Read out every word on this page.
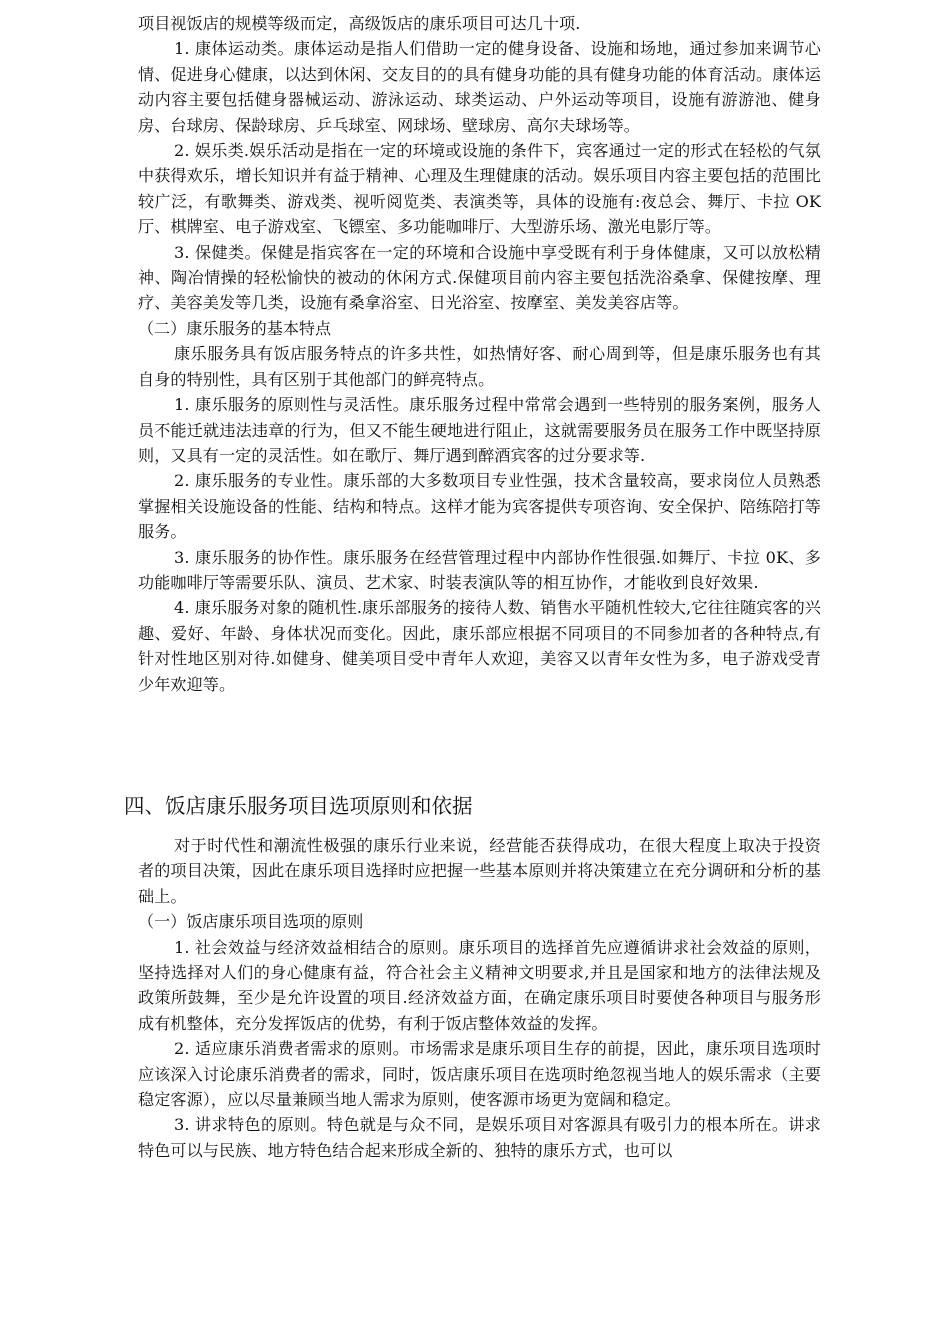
项目视饭店的规模等级而定，高级饭店的康乐项目可达几十项.

1. 康体运动类。康体运动是指人们借助一定的健身设备、设施和场地，通过参加来调节心情、促进身心健康，以达到休闲、交友目的的具有健身功能的具有健身功能的体育活动。康体运动内容主要包括健身器械运动、游泳运动、球类运动、户外运动等项目，设施有游游池、健身房、台球房、保龄球房、乒乓球室、网球场、壁球房、高尔夫球场等。

2. 娱乐类.娱乐活动是指在一定的环境或设施的条件下，宾客通过一定的形式在轻松的气氛中获得欢乐，增长知识并有益于精神、心理及生理健康的活动。娱乐项目内容主要包括的范围比较广泛，有歌舞类、游戏类、视听阅览类、表演类等，具体的设施有:夜总会、舞厅、卡拉 OK 厅、棋牌室、电子游戏室、飞镖室、多功能咖啡厅、大型游乐场、激光电影厅等。

3. 保健类。保健是指宾客在一定的环境和合设施中享受既有利于身体健康，又可以放松精神、陶冶情操的轻松愉快的被动的休闲方式.保健项目前内容主要包括洗浴桑拿、保健按摩、理疗、美容美发等几类，设施有桑拿浴室、日光浴室、按摩室、美发美容店等。

（二）康乐服务的基本特点

康乐服务具有饭店服务特点的许多共性，如热情好客、耐心周到等，但是康乐服务也有其自身的特别性，具有区别于其他部门的鲜亮特点。

1. 康乐服务的原则性与灵活性。康乐服务过程中常常会遇到一些特别的服务案例，服务人员不能迁就违法违章的行为，但又不能生硬地进行阻止，这就需要服务员在服务工作中既坚持原则，又具有一定的灵活性。如在歌厅、舞厅遇到醉酒宾客的过分要求等.

2. 康乐服务的专业性。康乐部的大多数项目专业性强，技术含量较高，要求岗位人员熟悉掌握相关设施设备的性能、结构和特点。这样才能为宾客提供专项咨询、安全保护、陪练陪打等服务。

3. 康乐服务的协作性。康乐服务在经营管理过程中内部协作性很强.如舞厅、卡拉 0K、多功能咖啡厅等需要乐队、演员、艺术家、时装表演队等的相互协作，才能收到良好效果.

4. 康乐服务对象的随机性.康乐部服务的接待人数、销售水平随机性较大,它往往随宾客的兴趣、爱好、年龄、身体状况而变化。因此，康乐部应根据不同项目的不同参加者的各种特点,有针对性地区别对待.如健身、健美项目受中青年人欢迎，美容又以青年女性为多，电子游戏受青少年欢迎等。

四、饭店康乐服务项目选项原则和依据

对于时代性和潮流性极强的康乐行业来说，经营能否获得成功，在很大程度上取决于投资者的项目决策，因此在康乐项目选择时应把握一些基本原则并将决策建立在充分调研和分析的基础上。

（一）饭店康乐项目选项的原则

1. 社会效益与经济效益相结合的原则。康乐项目的选择首先应遵循讲求社会效益的原则，坚持选择对人们的身心健康有益，符合社会主义精神文明要求,并且是国家和地方的法律法规及政策所鼓舞，至少是允许设置的项目.经济效益方面，在确定康乐项目时要使各种项目与服务形成有机整体，充分发挥饭店的优势，有利于饭店整体效益的发挥。

2. 适应康乐消费者需求的原则。市场需求是康乐项目生存的前提，因此，康乐项目选项时应该深入讨论康乐消费者的需求，同时，饭店康乐项目在选项时绝忽视当地人的娱乐需求（主要稳定客源），应以尽量兼顾当地人需求为原则，使客源市场更为宽阔和稳定。

3. 讲求特色的原则。特色就是与众不同，是娱乐项目对客源具有吸引力的根本所在。讲求特色可以与民族、地方特色结合起来形成全新的、独特的康乐方式，也可以
